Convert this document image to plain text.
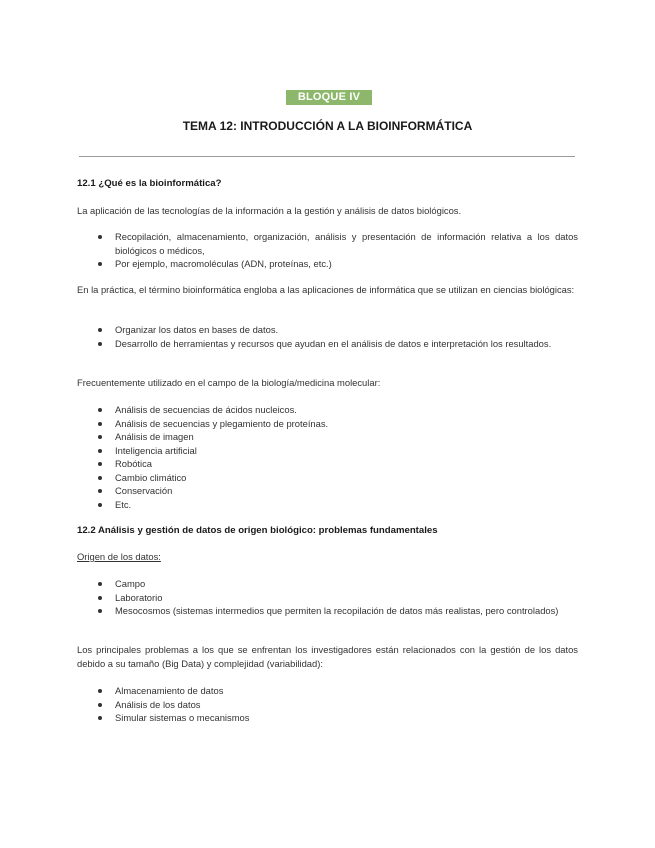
BLOQUE IV
TEMA 12: INTRODUCCIÓN A LA BIOINFORMÁTICA
12.1 ¿Qué es la bioinformática?
La aplicación de las tecnologías de la información a la gestión y análisis de datos biológicos.
Recopilación, almacenamiento, organización, análisis y presentación de información relativa a los datos biológicos o médicos,
Por ejemplo, macromoléculas (ADN, proteínas, etc.)
En la práctica, el término bioinformática engloba a las aplicaciones de informática que se utilizan en ciencias biológicas:
Organizar los datos en bases de datos.
Desarrollo de herramientas y recursos que ayudan en el análisis de datos e interpretación los resultados.
Frecuentemente utilizado en el campo de la biología/medicina molecular:
Análisis de secuencias de ácidos nucleicos.
Análisis de secuencias y plegamiento de proteínas.
Análisis de imagen
Inteligencia artificial
Robótica
Cambio climático
Conservación
Etc.
12.2 Análisis y gestión de datos de origen biológico: problemas fundamentales
Origen de los datos:
Campo
Laboratorio
Mesocosmos (sistemas intermedios que permiten la recopilación de datos más realistas, pero controlados)
Los principales problemas a los que se enfrentan los investigadores están relacionados con la gestión de los datos debido a su tamaño (Big Data) y complejidad (variabilidad):
Almacenamiento de datos
Análisis de los datos
Simular sistemas o mecanismos
